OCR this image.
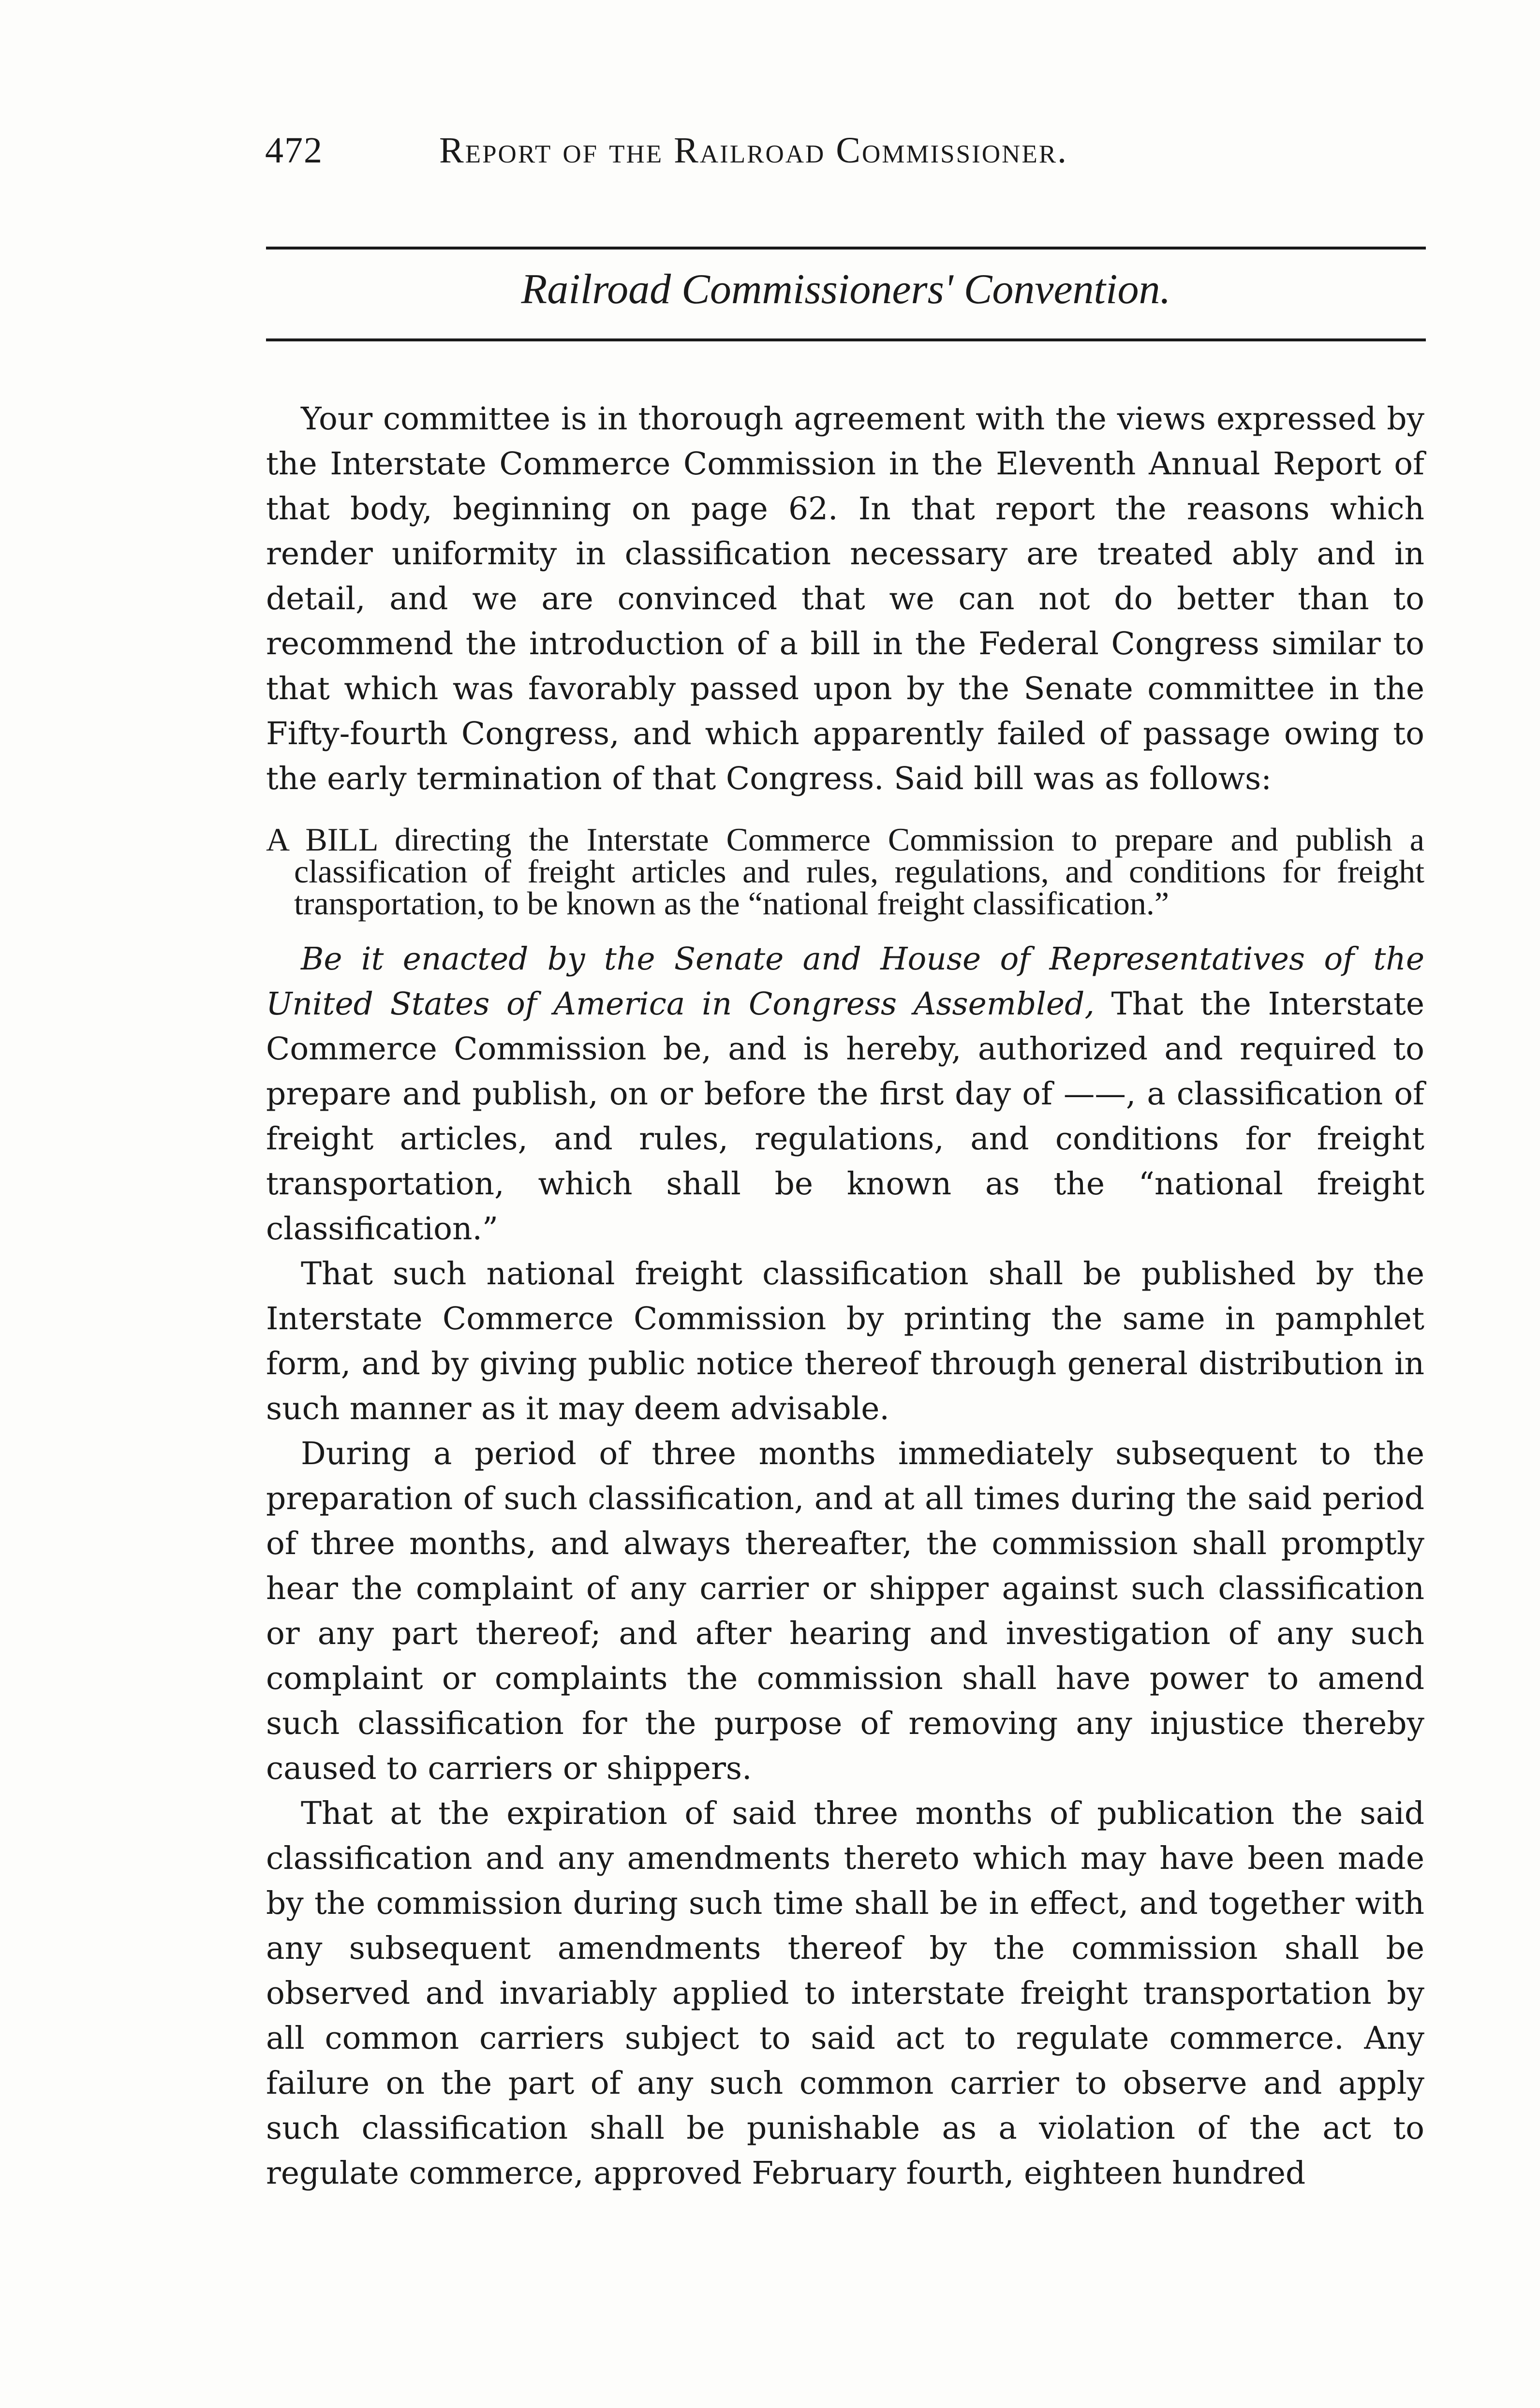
472	Report of the Railroad Commissioner.
Railroad Commissioners' Convention.

Your committee is in thorough agreement with the views expressed by the Interstate Commerce Commission in the Eleventh Annual Report of that body, beginning on page 62. In that report the reasons which render uniformity in classification necessary are treated ably and in detail, and we are convinced that we can not do better than to recommend the introduction of a bill in the Federal Congress similar to that which was favorably passed upon by the Senate committee in the Fifty-fourth Congress, and which apparently failed of passage owing to the early termination of that Congress. Said bill was as follows:

A BILL directing the Interstate Commerce Commission to prepare and publish a classification of freight articles and rules, regulations, and conditions for freight transportation, to be known as the “national freight classification.”

Be it enacted by the Senate and House of Representatives of the United States of America in Congress Assembled, That the Interstate Commerce Commission be, and is hereby, authorized and required to prepare and publish, on or before the first day of ——, a classification of freight articles, and rules, regulations, and conditions for freight transportation, which shall be known as the “national freight classification.”

That such national freight classification shall be published by the Interstate Commerce Commission by printing the same in pamphlet form, and by giving public notice thereof through general distribution in such manner as it may deem advisable.

During a period of three months immediately subsequent to the preparation of such classification, and at all times during the said period of three months, and always thereafter, the commission shall promptly hear the complaint of any carrier or shipper against such classification or any part thereof; and after hearing and investigation of any such complaint or complaints the commission shall have power to amend such classification for the purpose of removing any injustice thereby caused to carriers or shippers.

That at the expiration of said three months of publication the said classification and any amendments thereto which may have been made by the commission during such time shall be in effect, and together with any subsequent amendments thereof by the commission shall be observed and invariably applied to interstate freight transportation by all common carriers subject to said act to regulate commerce. Any failure on the part of any such common carrier to observe and apply such classification shall be punishable as a violation of the act to regulate commerce, approved February fourth, eighteen hundred
